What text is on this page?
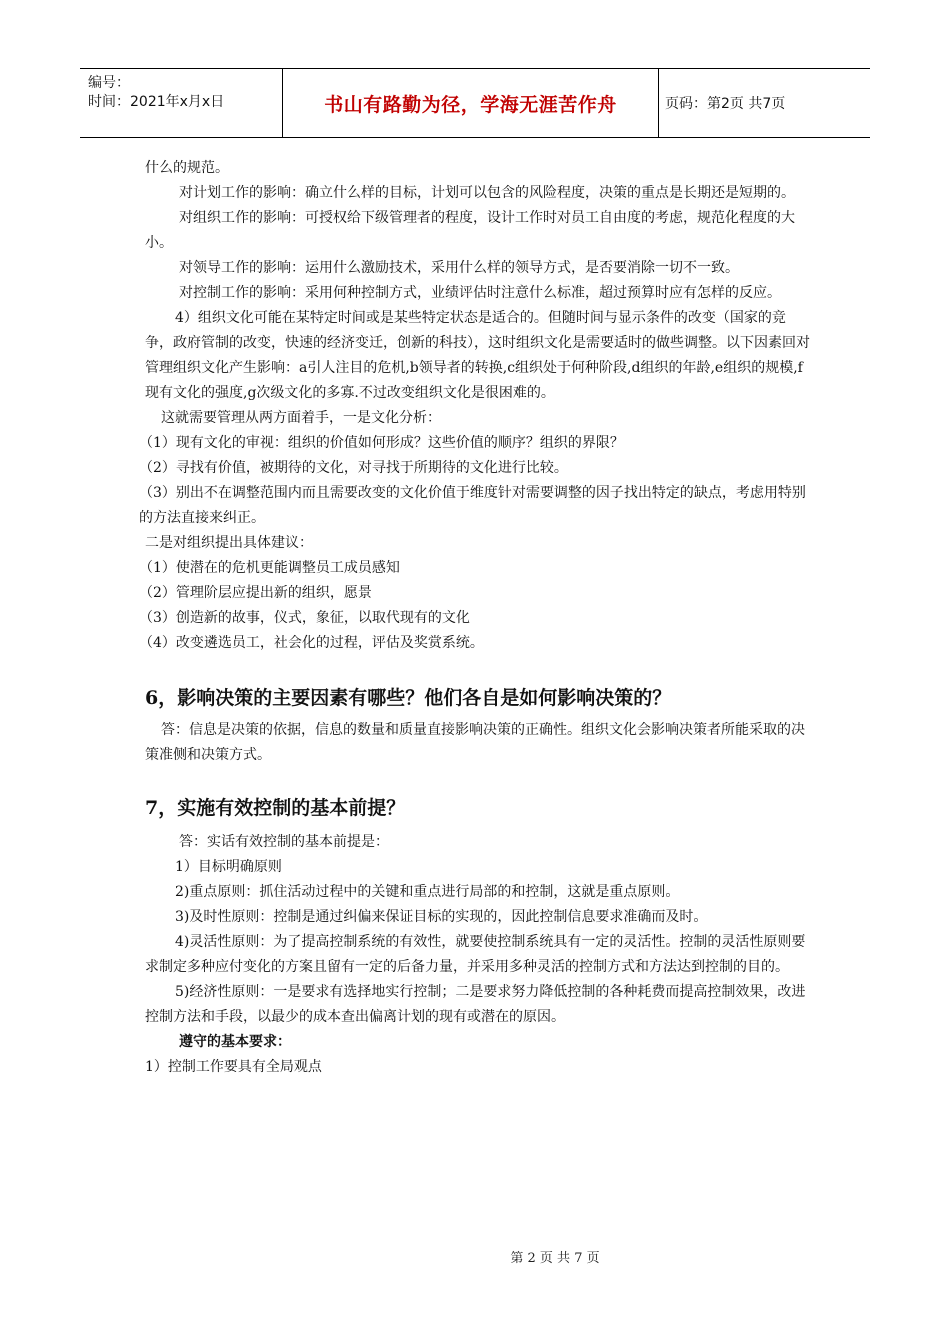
编号：
时间：2021年x月x日	书山有路勤为径，学海无涯苦作舟	页码：第2页 共7页

什么的规范。

对计划工作的影响：确立什么样的目标，计划可以包含的风险程度，决策的重点是长期还是短期的。

对组织工作的影响：可授权给下级管理者的程度，设计工作时对员工自由度的考虑，规范化程度的大小。

对领导工作的影响：运用什么激励技术，采用什么样的领导方式，是否要消除一切不一致。

对控制工作的影响：采用何种控制方式，业绩评估时注意什么标准，超过预算时应有怎样的反应。

4）组织文化可能在某特定时间或是某些特定状态是适合的。但随时间与显示条件的改变（国家的竞争，政府管制的改变，快速的经济变迁，创新的科技），这时组织文化是需要适时的做些调整。以下因素回对管理组织文化产生影响：a引人注目的危机,b领导者的转换,c组织处于何种阶段,d组织的年龄,e组织的规模,f现有文化的强度,g次级文化的多寡.不过改变组织文化是很困难的。

这就需要管理从两方面着手，一是文化分析：

（1）现有文化的审视：组织的价值如何形成？这些价值的顺序？组织的界限？

（2）寻找有价值，被期待的文化，对寻找于所期待的文化进行比较。

（3）别出不在调整范围内而且需要改变的文化价值于维度针对需要调整的因子找出特定的缺点，考虑用特别的方法直接来纠正。

二是对组织提出具体建议：

（1）使潜在的危机更能调整员工成员感知

（2）管理阶层应提出新的组织，愿景

（3）创造新的故事，仪式，象征，以取代现有的文化

（4）改变遴选员工，社会化的过程，评估及奖赏系统。

6，影响决策的主要因素有哪些？他们各自是如何影响决策的？

答：信息是决策的依据，信息的数量和质量直接影响决策的正确性。组织文化会影响决策者所能采取的决策准侧和决策方式。

7，实施有效控制的基本前提？

答：实话有效控制的基本前提是：

1）目标明确原则

2)重点原则：抓住活动过程中的关键和重点进行局部的和控制，这就是重点原则。

3)及时性原则：控制是通过纠偏来保证目标的实现的，因此控制信息要求准确而及时。

4)灵活性原则：为了提高控制系统的有效性，就要使控制系统具有一定的灵活性。控制的灵活性原则要求制定多种应付变化的方案且留有一定的后备力量，并采用多种灵活的控制方式和方法达到控制的目的。

5)经济性原则：一是要求有选择地实行控制；二是要求努力降低控制的各种耗费而提高控制效果，改进控制方法和手段，以最少的成本查出偏离计划的现有或潜在的原因。

遵守的基本要求：

1）控制工作要具有全局观点

第 2 页 共 7 页
